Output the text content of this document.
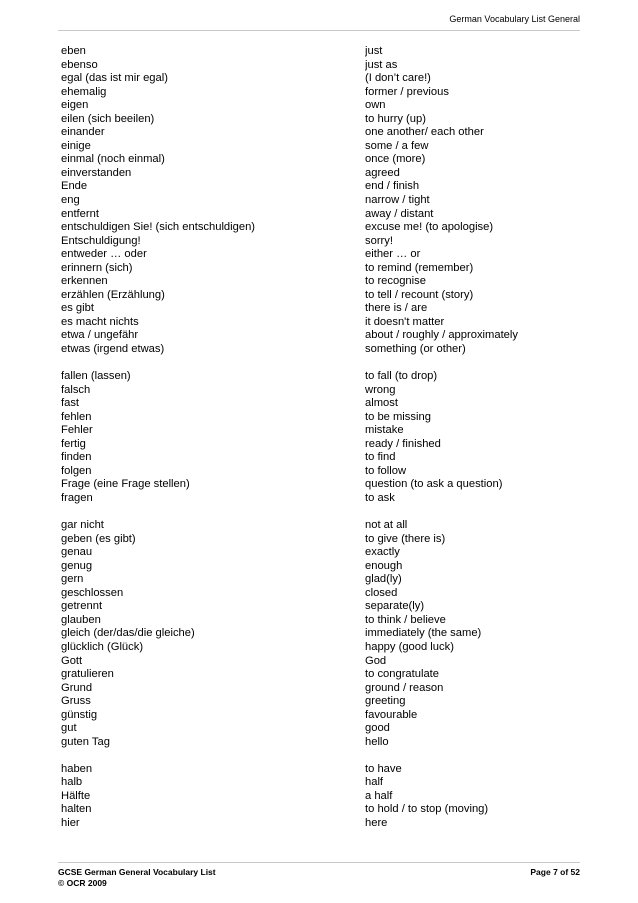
German Vocabulary List General
eben	just
ebenso	just as
egal (das ist mir egal)	(I don’t care!)
ehemalig	former / previous
eigen	own
eilen (sich beeilen)	to hurry (up)
einander	one another/ each other
einige	some / a few
einmal (noch einmal)	once (more)
einverstanden	agreed
Ende	end / finish
eng	narrow / tight
entfernt	away / distant
entschuldigen Sie! (sich entschuldigen)	excuse me! (to apologise)
Entschuldigung!	sorry!
entweder … oder	either … or
erinnern (sich)	to remind (remember)
erkennen	to recognise
erzählen (Erzählung)	to tell / recount (story)
es gibt	there is / are
es macht nichts	it doesn't matter
etwa / ungefähr	about / roughly / approximately
etwas (irgend etwas)	something (or other)
fallen (lassen)	to fall (to drop)
falsch	wrong
fast	almost
fehlen	to be missing
Fehler	mistake
fertig	ready / finished
finden	to find
folgen	to follow
Frage (eine Frage stellen)	question (to ask a question)
fragen	to ask
gar nicht	not at all
geben (es gibt)	to give (there is)
genau	exactly
genug	enough
gern	glad(ly)
geschlossen	closed
getrennt	separate(ly)
glauben	to think / believe
gleich (der/das/die gleiche)	immediately (the same)
glücklich (Glück)	happy (good luck)
Gott	God
gratulieren	to congratulate
Grund	ground / reason
Gruss	greeting
günstig	favourable
gut	good
guten Tag	hello
haben	to have
halb	half
Hälfte	a half
halten	to hold / to stop (moving)
hier	here
GCSE German General Vocabulary List
© OCR 2009
Page 7 of 52
